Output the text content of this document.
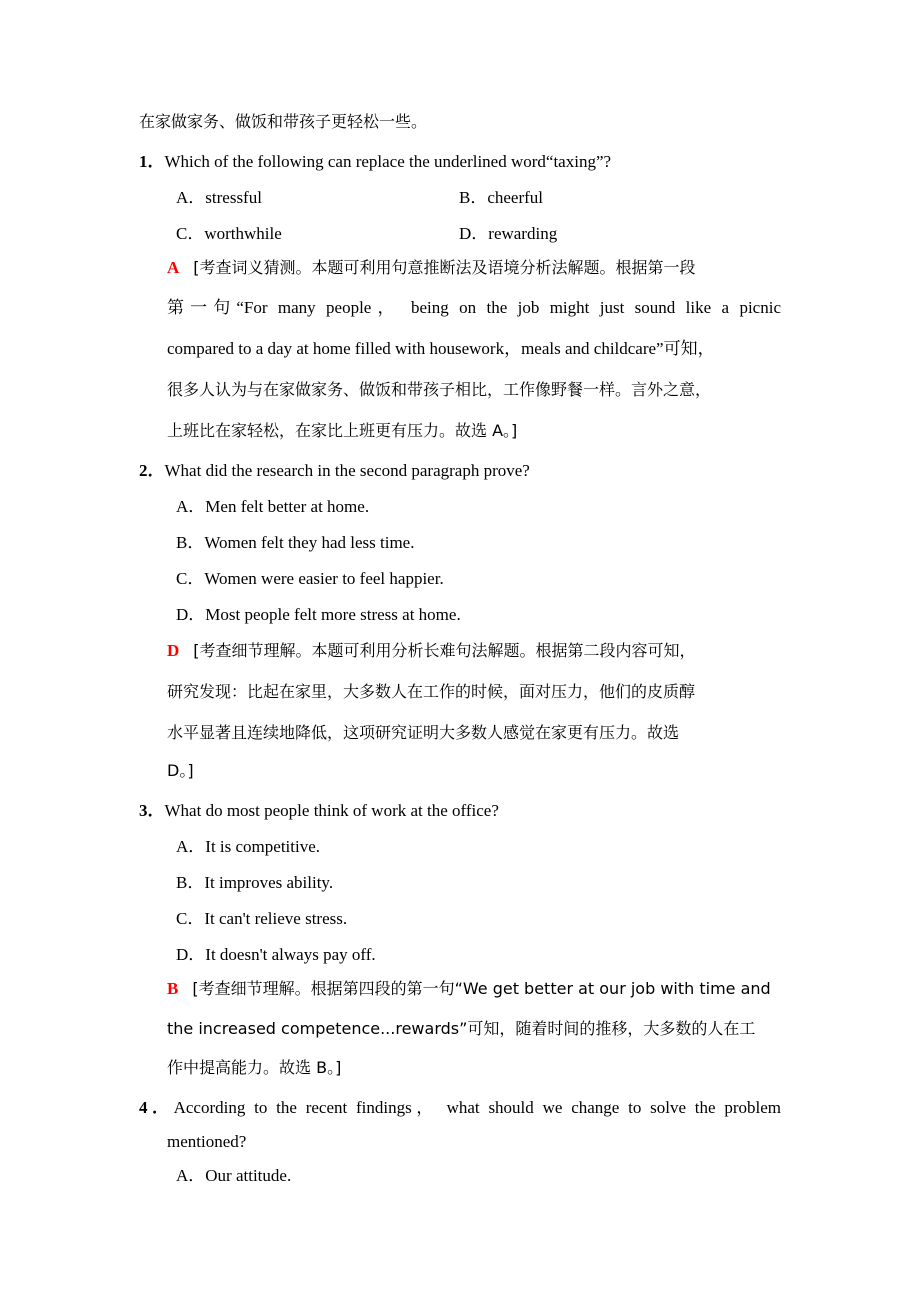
在家做家务、做饭和带孩子更轻松一些。
1．Which of the following can replace the underlined word“taxing”?
A．stressful	B．cheerful
C．worthwhile	D．rewarding
A [考查词义猜测。本题可利用句意推断法及语境分析法解题。根据第一段
第一句“For many people， being on the job might just sound like a picnic
compared to a day at home filled with housework，meals and childcare”可知，
很多人认为与在家做家务、做饭和带孩子相比，工作像野餐一样。言外之意，
上班比在家轻松，在家比上班更有压力。故选 A。]
2．What did the research in the second paragraph prove?
A．Men felt better at home.
B．Women felt they had less time.
C．Women were easier to feel happier.
D．Most people felt more stress at home.
D [考查细节理解。本题可利用分析长难句法解题。根据第二段内容可知，
研究发现：比起在家里，大多数人在工作的时候，面对压力，他们的皮质醇
水平显著且连续地降低，这项研究证明大多数人感觉在家更有压力。故选
D。]
3．What do most people think of work at the office?
A．It is competitive.
B．It improves ability.
C．It can't relieve stress.
D．It doesn't always pay off.
B [考查细节理解。根据第四段的第一句“We get better at our job with time and
the increased competence...rewards”可知，随着时间的推移，大多数的人在工
作中提高能力。故选 B。]
4．According to the recent findings， what should we change to solve the problem
mentioned?
A．Our attitude.
